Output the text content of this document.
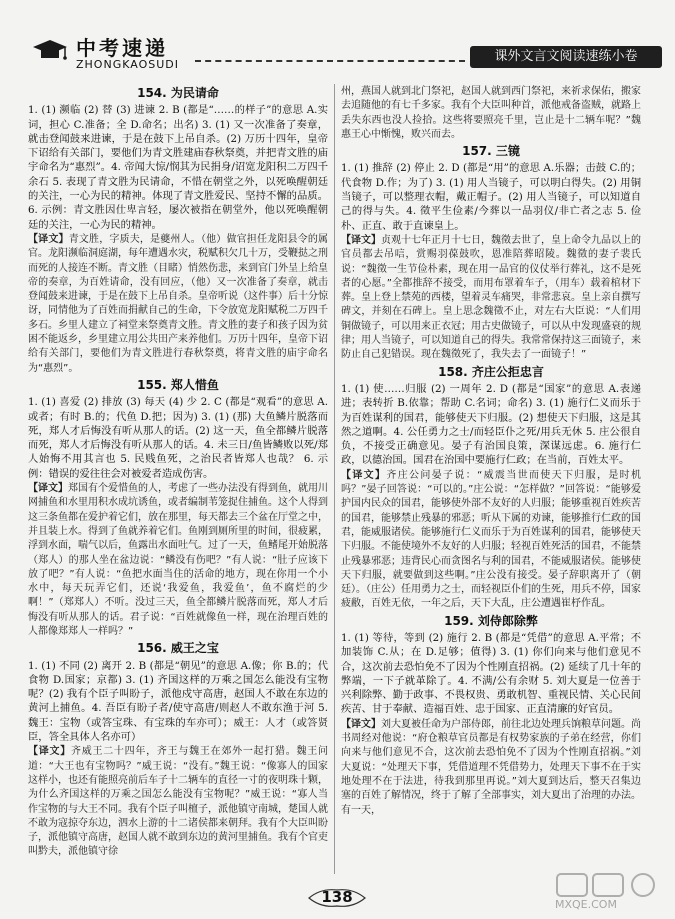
中考速递
ZHONGKAOSUDI
课外文言文阅读速练小卷
154. 为民请命
1. (1) 濒临 (2) 替 (3) 进谏 2. B (都是“……的样子”的意思 A.实词，担心 C.准备；全 D.命名；出名) 3. (1) 又一次准备了奏章，就击登闻鼓来进谏，于是在鼓下上吊自杀。(2) 万历十四年，皇帝下诏给有关部门，要他们为青文胜建庙春秋祭奠，并把青文胜的庙宇命名为“惠烈”。4. 帝闻大惊/悯其为民捐身/诏宽龙阳积二万四千余石 5. 表现了青文胜为民请命，不惜在朝堂之外，以死唤醒朝廷的关注，一心为民的精神。体现了青文胜爱民、坚持不懈的品质。6. 示例：青文胜因仕卑言轻，屡次被指在朝堂外，他以死唤醒朝廷的关注，一心为民的精神。
【译文】青文胜，字质夫，是夔州人。（他）做官担任龙阳县令的属官。龙阳濒临洞庭湖，每年遭遇水灾，税赋积欠几十万，受鞭挞之刑而死的人接连不断。青文胜（目睹）悄然伤悲，来到官门外呈上给皇帝的奏章，为百姓请命，没有回应，（他）又一次准备了奏章，就击登闻鼓来进谏，于是在鼓下上吊自杀。皇帝听说（这件事）后十分惊讶，同情他为了百姓而捐献自己的生命，下令放宽龙阳赋税二万四千多石。乡里人建立了祠堂来祭奠青文胜。青文胜的妻子和孩子因为贫困不能返乡，乡里建立用公共田产来养他们。万历十四年，皇帝下诏给有关部门，要他们为青文胜进行春秋祭奠，将青文胜的庙宇命名为“惠烈”。
155. 郑人惜鱼
1. (1) 喜爱 (2) 排放 (3) 每天 (4) 少 2. C (都是“观看”的意思 A.或者；有时 B.的；代鱼 D.把；因为) 3. (1) (那) 大鱼鳞片脱落而死，郑人才后悔没有听从那人的话。(2) 这一天，鱼全都鳞片脱落而死，郑人才后悔没有听从那人的话。4. 未三日/鱼皆鳞败以死/郑人始悔不用其言也 5. 民贱鱼死，之治民者皆郑人也哉？ 6. 示例：错误的爱往往会对被爱者造成伤害。
【译文】郑国有个爱惜鱼的人，考虑了一些办法没有得到鱼，就用川网捕鱼和水里用积水成坑诱鱼，或者编制苇笼捉住捕鱼。这个人得到这三条鱼都在爱护着它们，放在那里，每天都去三个盆在厅堂之中，并且装上水。得到了鱼就养着它们。鱼刚到厕所里的时间，很疲累，浮到水面，喘气以后，鱼露出水面吐气。过了一天，鱼鳍尾开始脱落（郑人）的那人坐在盆边说：“鳞没有伤吧？”有人说：“肚子应该下放了吧？”有人说：“鱼把水面当住的活命的地方，现在你用一个小水中，每天玩弄它们，还说‘我爱鱼，我爱鱼’，鱼不腐烂的少啊！”（郑郑人）不听。没过三天，鱼全都鳞片脱落而死，郑人才后悔没有听从那人的话。君子说：“百姓就像鱼一样，现在治理百姓的人都像郑郑人一样吗？”
156. 威王之宝
1. (1) 不同 (2) 离开 2. B (都是“朝见”的意思 A.像；你 B.的；代食物 D.国家；京都) 3. (1) 齐国这样的万乘之国怎么能没有宝物呢？(2) 我有个臣子叫盼子，派他戍守高唐，赵国人不敢在东边的黄河上捕鱼。4. 吾臣有盼子者/使守高唐/则赵人不敢东渔于河 5. 魏王：宝物（或答宝珠、有宝珠的车亦可）；威王：人才（或答贤臣，答全具体人名亦可）
【译文】齐威王二十四年，齐王与魏王在郊外一起打猎。魏王问道：“大王也有宝物吗？”威王说：“没有。”魏王说：“像寡人的国家这样小，也还有能照亮前后车子十二辆车的直径一寸的夜明珠十颗，为什么齐国这样的万乘之国怎么能没有宝物呢？”威王说：“寡人当作宝物的与大王不同。我有个臣子叫檀子，派他镇守南城，楚国人就不敢为寇掠夺东边，泗水上游的十二诸侯都来朝拜。我有个大臣叫盼子，派他镇守高唐，赵国人就不敢到东边的黄河里捕鱼。我有个官吏叫黔夫，派他镇守徐
州，燕国人就到北门祭祀，赵国人就到西门祭祀，来祈求保佑，搬家去追随他的有七千多家。我有个大臣叫种首，派他戒备盗贼，就路上丢失东西也没人捡拾。这些将要照亮千里，岂止是十二辆车呢？”魏惠王心中惭愧，败兴而去。
157. 三镜
1. (1) 推辞 (2) 停止 2. D (都是“用”的意思 A.乐器；击鼓 C.的；代食物 D.作；为了) 3. (1) 用人当镜子，可以明白得失。(2) 用铜当镜子，可以整理衣帽，戴正帽子。(2) 用人当镜子，可以知道自己的得与失。4. 徵平生俭素/今葬以一品羽仪/非亡者之志 5. 俭朴、正直、敢于直谏皇上。
【译文】贞观十七年正月十七日，魏徵去世了，皇上命令九品以上的官员都去吊唁，赏赐羽葆鼓吹，恩准陪葬昭陵。魏徵的妻子裴氏说：“魏徵一生节俭朴素，现在用一品官的仪仗举行葬礼，这不是死者的心愿。”全都推辞不接受，而用布罩着车子，（用车）载着棺材下葬。皇上登上禁苑的西楼，望着灵车痛哭，非常悲哀。皇上亲自撰写碑文，并刻在石碑上。皇上思念魏徵不止，对左右大臣说：“人们用铜做镜子，可以用来正衣冠；用古史做镜子，可以从中发现盛衰的规律；用人当镜子，可以知道自己的得失。我常常保持这三面镜子，来防止自己犯错误。现在魏徵死了，我失去了一面镜子！”
158. 齐庄公拒忠言
1. (1) 使……归服 (2) 一周年 2. D (都是“国家”的意思 A.表递进；表转折 B.依靠；帮助 C.名词；命名) 3. (1) 施行仁义而乐于为百姓谋利的国君，能够使天下归服。(2) 想使天下归服，这是其然之道啊。4. 公任勇力之士/而轻臣仆之死/用兵无休 5. 庄公很自负，不接受正确意见。晏子有治国良策，深谋远虑。6. 施行仁政，以德治国。国君在治国中要施行仁政；在当前，百姓太平。
【译文】齐庄公问晏子说：“威震当世而使天下归服，是时机吗？”晏子回答说：“可以的。”庄公说：“怎样做？”回答说：“能够爱护国内民众的国君，能够使外部不友好的人归服；能够重视百姓疾苦的国君，能够禁止残暴的邪恶；听从下属的劝谏，能够推行仁政的国君，能威服诸侯。能够施行仁义而乐于为百姓谋利的国君，能够使天下归服。不能使境外不友好的人归服；轻视百姓死活的国君，不能禁止残暴邪恶；违背民心而贪图名与利的国君，不能威服诸侯。能够使天下归服，就要做到这些啊。”庄公没有接受。晏子辞职离开了（朝廷）。（庄公）任用勇力之士，而轻视臣仆们的生死，用兵不停，国家疲敝，百姓无依，一年之后，天下大乱，庄公遭遇崔杼作乱。
159. 刘侍郎除弊
1. (1) 等待，等到 (2) 施行 2. B (都是“凭借”的意思 A.平常；不加装饰 C.从；在 D.足够；值得) 3. (1) 你们向来与他们意见不合，这次前去恐怕免不了因为个性刚直招祸。(2) 延续了几十年的弊端，一下子就革除了。4. 不满/公有余财 5. 刘大夏是一位善于兴利除弊、勤于政事、不畏权贵、勇敢机智、重视民情、关心民间疾苦、甘于奉献、造福百姓、忠于国家、正直清廉的好官员。
【译文】刘大夏被任命为户部侍郎，前往北边处理兵饷粮草问题。尚书周经对他说：“府仓粮草官员都是有权势家族的子弟在经营，你们向来与他们意见不合，这次前去恐怕免不了因为个性刚直招祸。”刘大夏说：“处理天下事，凭借道理不凭借势力，处理天下事不在于实地处理不在于法进，待我到那里再说。”刘大夏到达后，整天召集边塞的百姓了解情况，终于了解了全部事实，刘大夏出了治理的办法。有一天，
138	MXQE.COM
